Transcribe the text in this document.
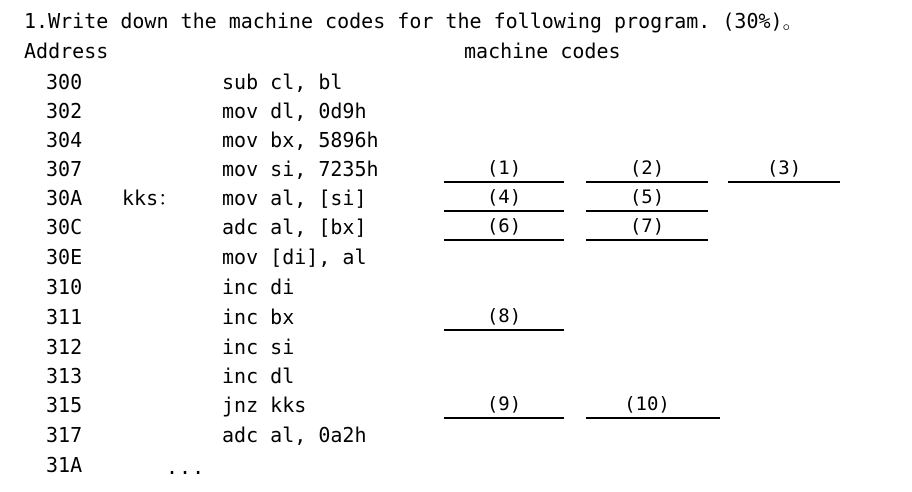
1.Write down the machine codes for the following program. (30%)。
Address	machine codes
300	sub cl, bl
302	mov dl, 0d9h
304	mov bx, 5896h
307	mov si, 7235h	(1)	(2)	(3)
30A kks： mov al, [si]	(4)	(5)
30C	adc al, [bx]	(6)	(7)
30E	mov [di], al
310	inc di
311	inc bx	(8)
312	inc si
313	inc dl
315	jnz kks	(9)	(10)
317	adc al, 0a2h
31A	...
